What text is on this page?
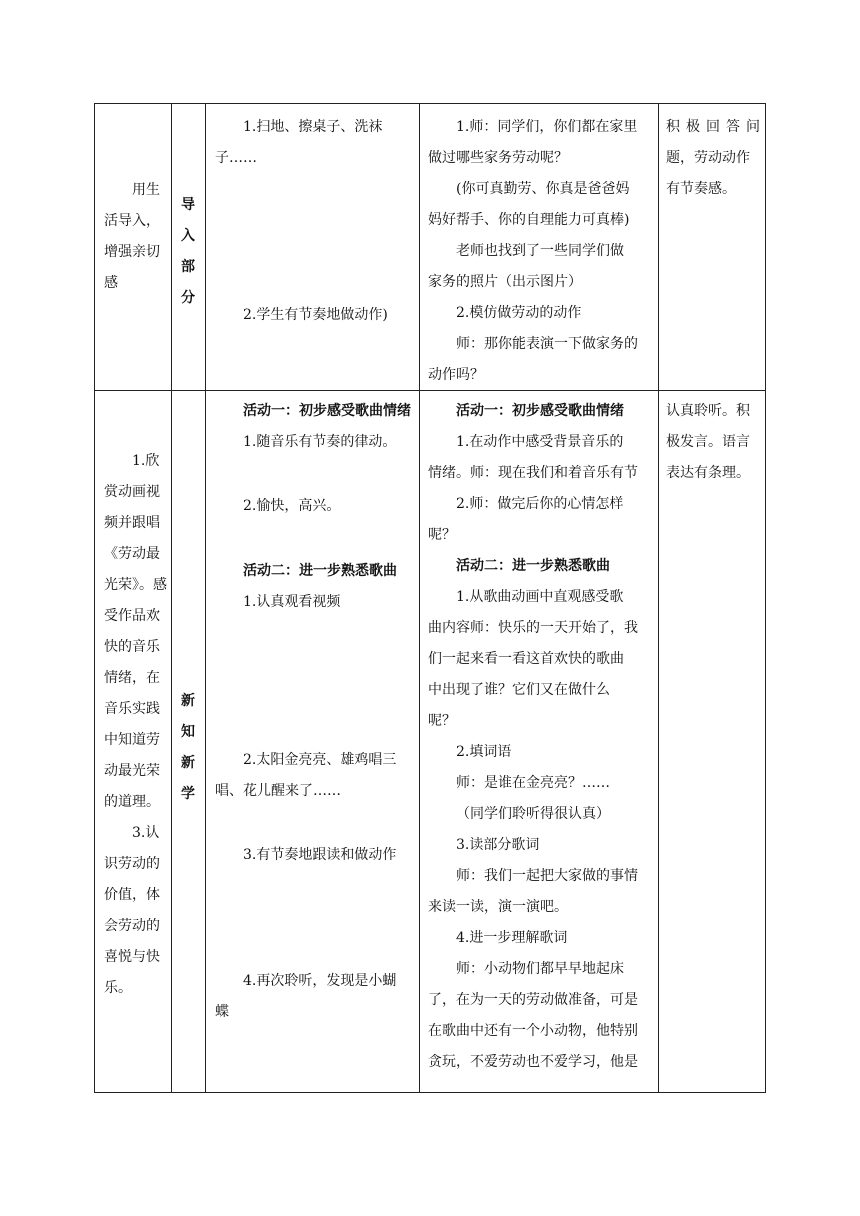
用生

活导入，

增强亲切

感

导
入
部
分

1.扫地、擦桌子、洗袜

子……

2.学生有节奏地做动作)

1.师：同学们，你们都在家里

做过哪些家务劳动呢？

(你可真勤劳、你真是爸爸妈

妈好帮手、你的自理能力可真棒)

老师也找到了一些同学们做

家务的照片（出示图片）

2.模仿做劳动的动作

师：那你能表演一下做家务的

动作吗？

积极回答问

题，劳动动作

有节奏感。

1.欣

赏动画视

频并跟唱

《劳动最

光荣》。感

受作品欢

快的音乐

情绪，在

音乐实践

中知道劳

动最光荣

的道理。

3.认

识劳动的

价值，体

会劳动的

喜悦与快

乐。

新
知
新
学

活动一：初步感受歌曲情绪

1.随音乐有节奏的律动。

2.愉快，高兴。

活动二：进一步熟悉歌曲

1.认真观看视频

2.太阳金亮亮、雄鸡唱三

唱、花儿醒来了……

3.有节奏地跟读和做动作

4.再次聆听，发现是小蝴

蝶

活动一：初步感受歌曲情绪

1.在动作中感受背景音乐的

情绪。师：现在我们和着音乐有节

2.师：做完后你的心情怎样

呢？

活动二：进一步熟悉歌曲

1.从歌曲动画中直观感受歌

曲内容师：快乐的一天开始了，我

们一起来看一看这首欢快的歌曲

中出现了谁？它们又在做什么

呢？

2.填词语

师：是谁在金亮亮？……

（同学们聆听得很认真）

3.读部分歌词

师：我们一起把大家做的事情

来读一读，演一演吧。

4.进一步理解歌词

师：小动物们都早早地起床

了，在为一天的劳动做准备，可是

在歌曲中还有一个小动物，他特别

贪玩，不爱劳动也不爱学习，他是

认真聆听。积

极发言。语言

表达有条理。
